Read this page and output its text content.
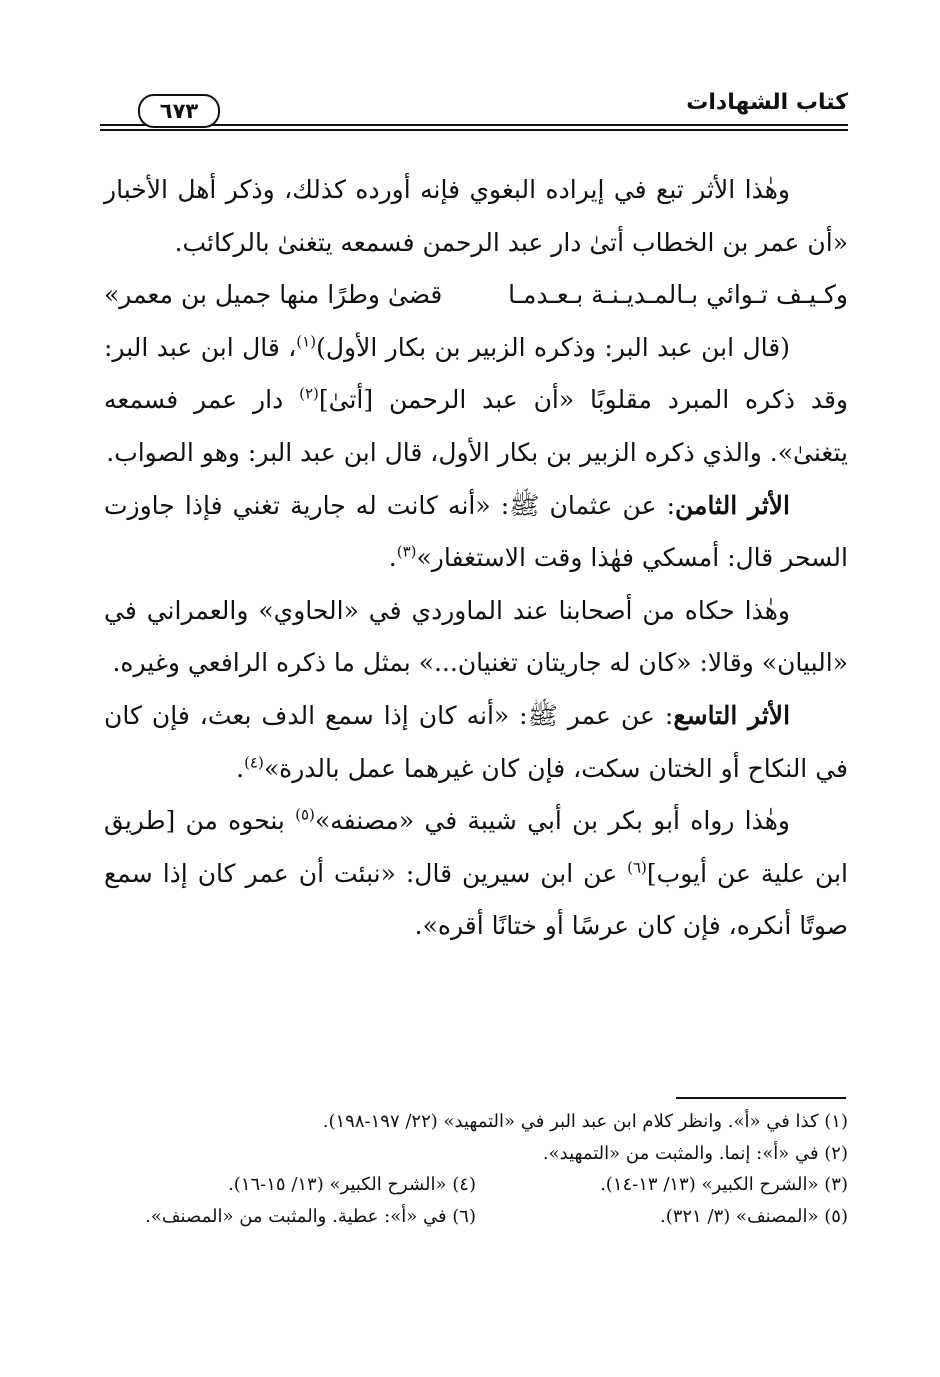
كتاب الشهادات
٦٧٣

وهٰذا الأثر تبع في إيراده البغوي فإنه أورده كذلك، وذكر أهل الأخبار «أن عمر بن الخطاب أتىٰ دار عبد الرحمن فسمعه يتغنىٰ بالركائب.

وكـيـف تـوائي بـالمـديـنـة بـعـدمـا
قضىٰ وطرًا منها جميل بن معمر»

(قال ابن عبد البر: وذكره الزبير بن بكار الأول)$^{(١)}$، قال ابن عبد البر: وقد ذكره المبرد مقلوبًا «أن عبد الرحمن [أتىٰ]$^{(٢)}$ دار عمر فسمعه يتغنىٰ». والذي ذكره الزبير بن بكار الأول، قال ابن عبد البر: وهو الصواب.

الأثر الثامن: عن عثمان ﷺ: «أنه كانت له جارية تغني فإذا جاوزت السحر قال: أمسكي فهٰذا وقت الاستغفار»$^{(٣)}$.

وهٰذا حكاه من أصحابنا عند الماوردي في «الحاوي» والعمراني في «البيان» وقالا: «كان له جاريتان تغنيان...» بمثل ما ذكره الرافعي وغيره.

الأثر التاسع: عن عمر ﷺ: «أنه كان إذا سمع الدف بعث، فإن كان في النكاح أو الختان سكت، فإن كان غيرهما عمل بالدرة»$^{(٤)}$.

وهٰذا رواه أبو بكر بن أبي شيبة في «مصنفه»$^{(٥)}$ بنحوه من [طريق ابن علية عن أيوب]$^{(٦)}$ عن ابن سيرين قال: «نبئت أن عمر كان إذا سمع صوتًا أنكره، فإن كان عرسًا أو ختانًا أقره».

(١) كذا في «أ». وانظر كلام ابن عبد البر في «التمهيد» (٢٢/ ١٩٧-١٩٨).
(٢) في «أ»: إنما. والمثبت من «التمهيد».
(٣) «الشرح الكبير» (١٣/ ١٣-١٤).
(٤) «الشرح الكبير» (١٣/ ١٥-١٦).
(٥) «المصنف» (٣/ ٣٢١).
(٦) في «أ»: عطية. والمثبت من «المصنف».
